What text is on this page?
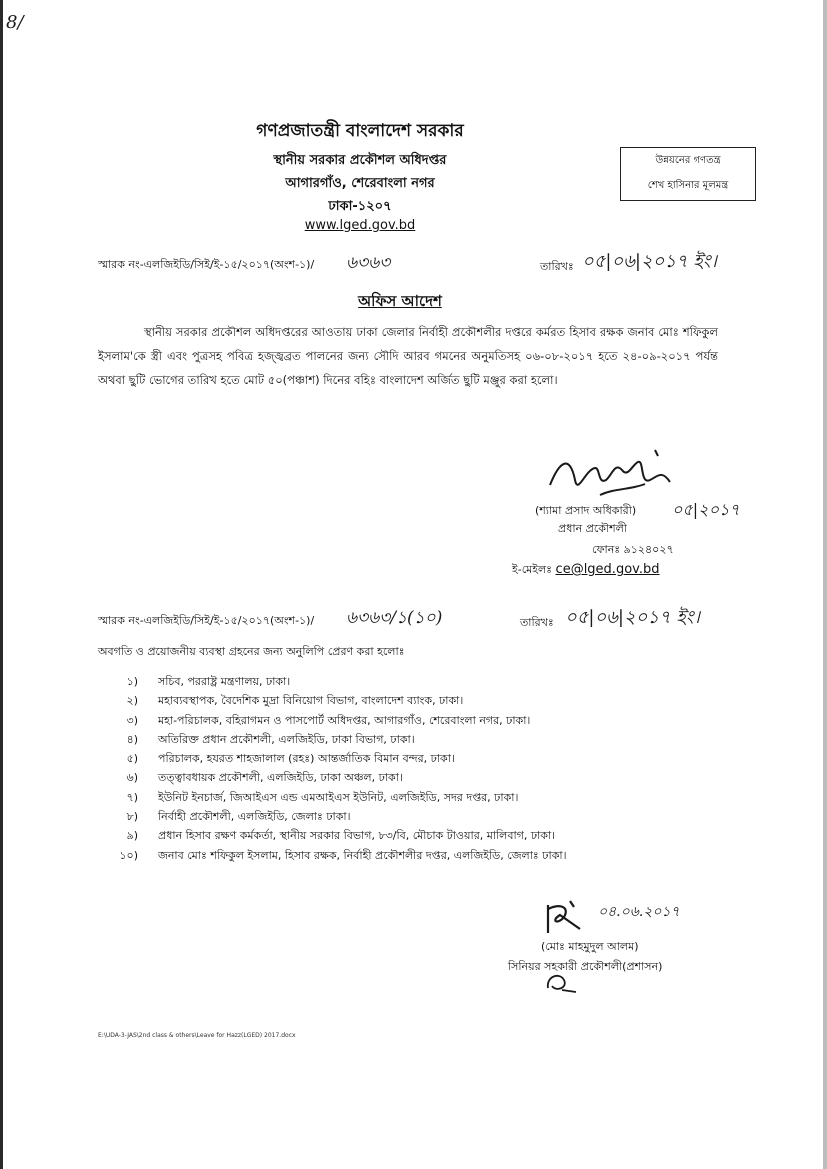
8/
গণপ্রজাতন্ত্রী বাংলাদেশ সরকার
স্থানীয় সরকার প্রকৌশল অধিদপ্তর
আগারগাঁও, শেরেবাংলা নগর
ঢাকা-১২০৭
www.lged.gov.bd
উন্নয়নের গণতন্ত্র
শেখ হাসিনার মূলমন্ত্র
স্মারক নং-এলজিইডি/সিই/ই-১৫/২০১৭(অংশ-১)/ ৬৩৬৩	তারিখঃ ০৫|০৬|২০১৭ ইং।
অফিস আদেশ

স্থানীয় সরকার প্রকৌশল অধিদপ্তরের আওতায় ঢাকা জেলার নির্বাহী প্রকৌশলীর দপ্তরে কর্মরত হিসাব রক্ষক জনাব মোঃ শফিকুল ইসলাম'কে স্ত্রী এবং পুত্রসহ পবিত্র হজ্জ্বব্রত পালনের জন্য সৌদি আরব গমনের অনুমতিসহ ০৬-০৮-২০১৭ হতে ২৪-০৯-২০১৭ পর্যন্ত অথবা ছুটি ভোগের তারিখ হতে মোট ৫০(পঞ্চাশ) দিনের বহিঃ বাংলাদেশ অর্জিত ছুটি মঞ্জুর করা হলো।

০৫|২০১৭
(শ্যামা প্রসাদ অধিকারী)
প্রধান প্রকৌশলী
ফোনঃ ৯১২৪০২৭
ই-মেইলঃ ce@lged.gov.bd
স্মারক নং-এলজিইডি/সিই/ই-১৫/২০১৭(অংশ-১)/ ৬৩৬৩/১(১০)	তারিখঃ ০৫|০৬|২০১৭ ইং।
অবগতি ও প্রয়োজনীয় ব্যবস্থা গ্রহনের জন্য অনুলিপি প্রেরণ করা হলোঃ
১) সচিব, পররাষ্ট্র মন্ত্রণালয়, ঢাকা।
২) মহাব্যবস্থাপক, বৈদেশিক মুদ্রা বিনিয়োগ বিভাগ, বাংলাদেশ ব্যাংক, ঢাকা।
৩) মহা-পরিচালক, বহিরাগমন ও পাসপোর্ট অধিদপ্তর, আগারগাঁও, শেরেবাংলা নগর, ঢাকা।
৪) অতিরিক্ত প্রধান প্রকৌশলী, এলজিইডি, ঢাকা বিভাগ, ঢাকা।
৫) পরিচালক, হযরত শাহজালাল (রহঃ) আন্তর্জাতিক বিমান বন্দর, ঢাকা।
৬) তত্ত্বাবধায়ক প্রকৌশলী, এলজিইডি, ঢাকা অঞ্চল, ঢাকা।
৭) ইউনিট ইনচার্জ, জিআইএস এন্ড এমআইএস ইউনিট, এলজিইডি, সদর দপ্তর, ঢাকা।
৮) নির্বাহী প্রকৌশলী, এলজিইডি, জেলাঃ ঢাকা।
৯) প্রধান হিসাব রক্ষণ কর্মকর্তা, স্থানীয় সরকার বিভাগ, ৮৩/বি, মৌচাক টাওয়ার, মালিবাগ, ঢাকা।
১০) জনাব মোঃ শফিকুল ইসলাম, হিসাব রক্ষক, নির্বাহী প্রকৌশলীর দপ্তর, এলজিইডি, জেলাঃ ঢাকা।
০৪.০৬.২০১৭
(মোঃ মাহমুদুল আলম)
সিনিয়র সহকারী প্রকৌশলী(প্রশাসন)
E:\UDA-3-JAS\2nd class & others\Leave for Hazz(LGED) 2017.docx
